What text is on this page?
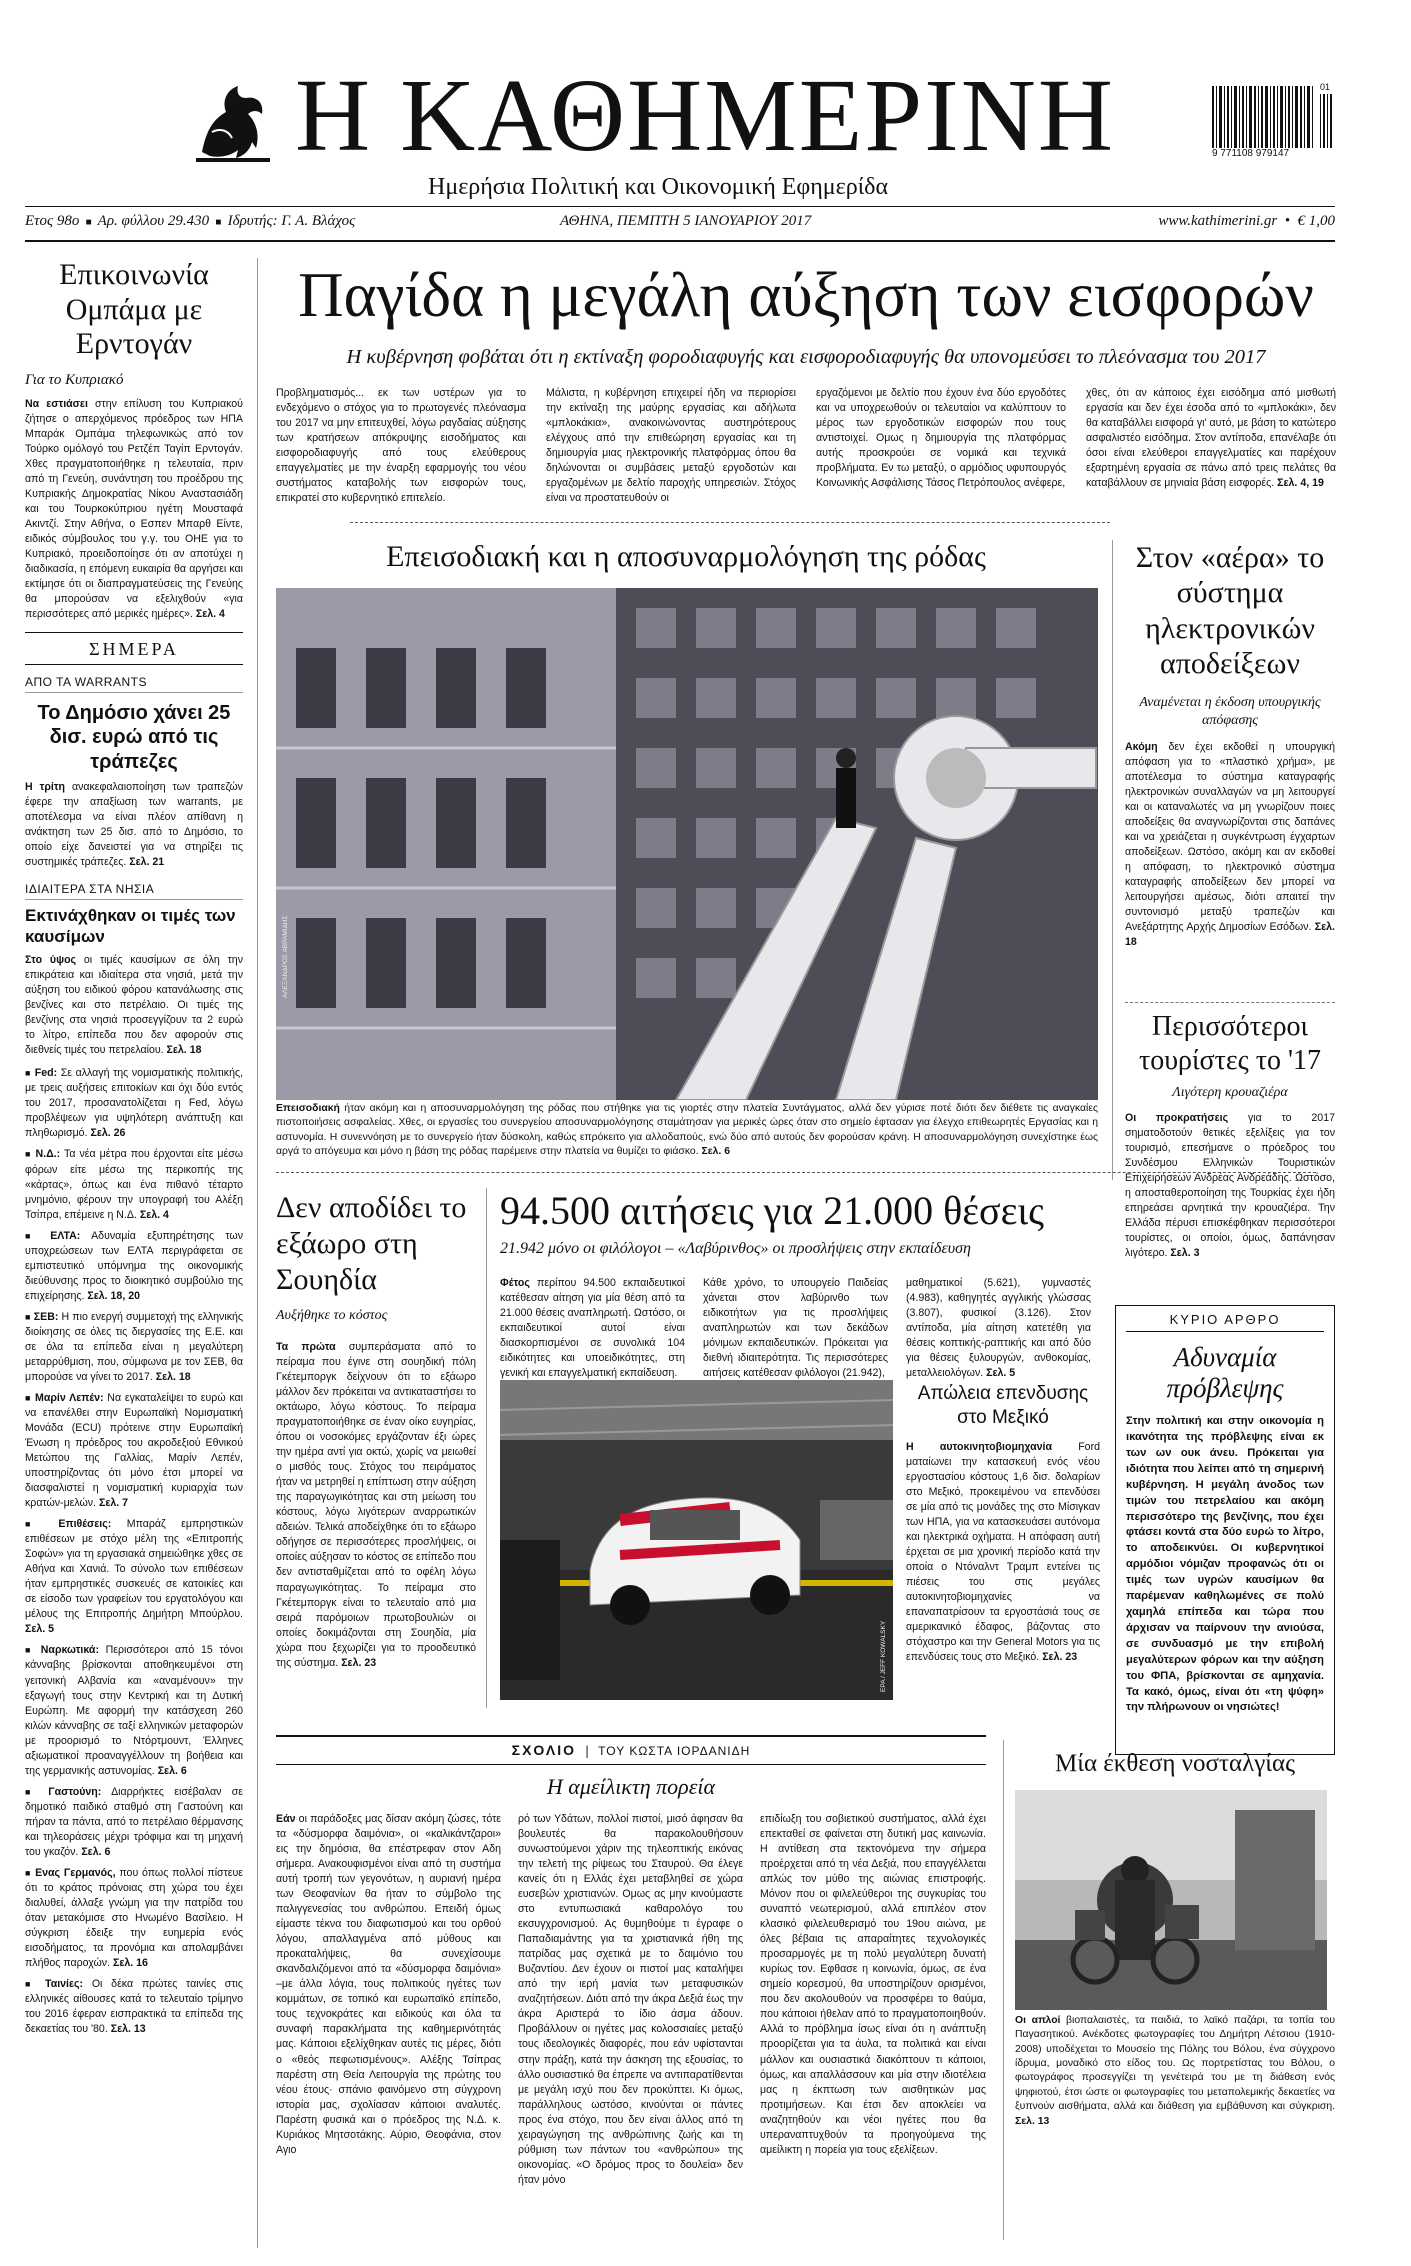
Η ΚΑΘΗΜΕΡΙΝΗ
Ημερήσια Πολιτική και Οικονομική Εφημερίδα
01
9 771108 979147
Ετος 98ο  ■  Αρ. φύλλου 29.430  ■  Ιδρυτής: Γ. Α. Βλάχος	ΑΘΗΝΑ, ΠΕΜΠΤΗ 5 ΙΑΝΟΥΑΡΙΟΥ 2017	www.kathimerini.gr  •  € 1,00
Επικοινωνία Ομπάμα με Ερντογάν
Για το Κυπριακό
Να εστιάσει στην επίλυση του Κυπριακού ζήτησε ο απερχόμενος πρόεδρος των ΗΠΑ Μπαράκ Ομπάμα τηλεφωνικώς από τον Τούρκο ομόλογό του Ρετζέπ Ταγίπ Ερντογάν. Χθες πραγματοποιήθηκε η τελευταία, πριν από τη Γενεύη, συνάντηση του προέδρου της Κυπριακής Δημοκρατίας Νίκου Αναστασιάδη και του Τουρκοκύπριου ηγέτη Μουσταφά Ακιντζί. Στην Αθήνα, ο Εσπεν Μπαρθ Είντε, ειδικός σύμβουλος του γ.γ. του ΟΗΕ για το Κυπριακό, προειδοποίησε ότι αν αποτύχει η διαδικασία, η επόμενη ευκαιρία θα αργήσει και εκτίμησε ότι οι διαπραγματεύσεις της Γενεύης θα μπορούσαν να εξελιχθούν «για περισσότερες από μερικές ημέρες». Σελ. 4
ΣΗΜΕΡΑ
ΑΠΟ ΤΑ WARRANTS
Το Δημόσιο χάνει 25 δισ. ευρώ από τις τράπεζες
Η τρίτη ανακεφαλαιοποίηση των τραπεζών έφερε την απαξίωση των warrants, με αποτέλεσμα να είναι πλέον απίθανη η ανάκτηση των 25 δισ. από το Δημόσιο, το οποίο είχε δανειστεί για να στηρίξει τις συστημικές τράπεζες. Σελ. 21
ΙΔΙΑΙΤΕΡΑ ΣΤΑ ΝΗΣΙΑ
Εκτινάχθηκαν οι τιμές των καυσίμων
Στο ύψος οι τιμές καυσίμων σε όλη την επικράτεια και ιδιαίτερα στα νησιά, μετά την αύξηση του ειδικού φόρου κατανάλωσης στις βενζίνες και στο πετρέλαιο. Οι τιμές της βενζίνης στα νησιά προσεγγίζουν τα 2 ευρώ το λίτρο, επίπεδα που δεν αφορούν στις διεθνείς τιμές του πετρελαίου. Σελ. 18
■ Fed: Σε αλλαγή της νομισματικής πολιτικής, με τρεις αυξήσεις επιτοκίων και όχι δύο εντός του 2017, προσανατολίζεται η Fed, λόγω προβλέψεων για υψηλότερη ανάπτυξη και πληθωρισμό. Σελ. 26
■ Ν.Δ.: Τα νέα μέτρα που έρχονται είτε μέσω φόρων είτε μέσω της περικοπής της «κάρτας», όπως και ένα πιθανό τέταρτο μνημόνιο, φέρουν την υπογραφή του Αλέξη Τσίπρα, επέμεινε η Ν.Δ. Σελ. 4
■ ΕΛΤΑ: Αδυναμία εξυπηρέτησης των υποχρεώσεων των ΕΛΤΑ περιγράφεται σε εμπιστευτικό υπόμνημα της οικονομικής διεύθυνσης προς το διοικητικό συμβούλιο της επιχείρησης. Σελ. 18, 20
■ ΣΕΒ: Η πιο ενεργή συμμετοχή της ελληνικής διοίκησης σε όλες τις διεργασίες της Ε.Ε. και σε όλα τα επίπεδα είναι η μεγαλύτερη μεταρρύθμιση, που, σύμφωνα με τον ΣΕΒ, θα μπορούσε να γίνει το 2017. Σελ. 18
■ Μαρίν Λεπέν: Να εγκαταλείψει το ευρώ και να επανέλθει στην Ευρωπαϊκή Νομισματική Μονάδα (ECU) πρότεινε στην Ευρωπαϊκή Ένωση η πρόεδρος του ακροδεξιού Εθνικού Μετώπου της Γαλλίας, Μαρίν Λεπέν, υποστηρίζοντας ότι μόνο έτσι μπορεί να διασφαλιστεί η νομισματική κυριαρχία των κρατών-μελών. Σελ. 7
■ Επιθέσεις: Μπαράζ εμπρηστικών επιθέσεων με στόχο μέλη της «Επιτροπής Σοφών» για τη εργασιακά σημειώθηκε χθες σε Αθήνα και Χανιά. Το σύνολο των επιθέσεων ήταν εμπρηστικές συσκευές σε κατοικίες και σε είσοδο των γραφείων του εργατολόγου και μέλους της Επιτροπής Δημήτρη Μπούρλου. Σελ. 5
■ Ναρκωτικά: Περισσότεροι από 15 τόνοι κάνναβης βρίσκονται αποθηκευμένοι στη γειτονική Αλβανία και «αναμένουν» την εξαγωγή τους στην Κεντρική και τη Δυτική Ευρώπη. Με αφορμή την κατάσχεση 260 κιλών κάνναβης σε ταξί ελληνικών μεταφορών με προορισμό το Ντόρτμουντ, Έλληνες αξιωματικοί προαναγγέλλουν τη βοήθεια και της γερμανικής αστυνομίας. Σελ. 6
■ Γαστούνη: Διαρρήκτες εισέβαλαν σε δημοτικό παιδικό σταθμό στη Γαστούνη και πήραν τα πάντα, από το πετρέλαιο θέρμανσης και τηλεοράσεις μέχρι τρόφιμα και τη μηχανή του γκαζόν. Σελ. 6
■ Ενας Γερμανός, που όπως πολλοί πίστευε ότι το κράτος πρόνοιας στη χώρα του έχει διαλυθεί, άλλαξε γνώμη για την πατρίδα του όταν μετακόμισε στο Ηνωμένο Βασίλειο. Η σύγκριση έδειξε την ευημερία ενός εισοδήματος, τα προνόμια και απολαμβάνει πλήθος παροχών. Σελ. 16
■ Ταινίες: Οι δέκα πρώτες ταινίες στις ελληνικές αίθουσες κατά το τελευταίο τρίμηνο του 2016 έφεραν εισπρακτικά τα επίπεδα της δεκαετίας του '80. Σελ. 13
Παγίδα η μεγάλη αύξηση των εισφορών
Η κυβέρνηση φοβάται ότι η εκτίναξη φοροδιαφυγής και εισφοροδιαφυγής θα υπονομεύσει το πλεόνασμα του 2017
Προβληματισμός... εκ των υστέρων για το ενδεχόμενο ο στόχος για το πρωτογενές πλεόνασμα του 2017 να μην επιτευχθεί, λόγω ραγδαίας αύξησης των κρατήσεων απόκρυψης εισοδήματος και εισφοροδιαφυγής από τους ελεύθερους επαγγελματίες με την έναρξη εφαρμογής του νέου συστήματος καταβολής των εισφορών τους, επικρατεί στο κυβερνητικό επιτελείο.
Μάλιστα, η κυβέρνηση επιχειρεί ήδη να περιορίσει την εκτίναξη της μαύρης εργασίας και αδήλωτα «μπλοκάκια», ανακοινώνοντας αυστηρότερους ελέγχους από την επιθεώρηση εργασίας και τη δημιουργία μιας ηλεκτρονικής πλατφόρμας όπου θα δηλώνονται οι συμβάσεις μεταξύ εργοδοτών και εργαζομένων με δελτίο παροχής υπηρεσιών. Στόχος είναι να προστατευθούν οι
εργαζόμενοι με δελτίο που έχουν ένα δύο εργοδότες και να υποχρεωθούν οι τελευταίοι να καλύπτουν το μέρος των εργοδοτικών εισφορών που τους αντιστοιχεί. Ομως η δημιουργία της πλατφόρμας αυτής προσκρούει σε νομικά και τεχνικά προβλήματα. Εν τω μεταξύ, ο αρμόδιος υφυπουργός Κοινωνικής Ασφάλισης Τάσος Πετρόπουλος ανέφερε,
χθες, ότι αν κάποιος έχει εισόδημα από μισθωτή εργασία και δεν έχει έσοδα από το «μπλοκάκι», δεν θα καταβάλλει εισφορά γι' αυτό, με βάση το κατώτερο ασφαλιστέο εισόδημα. Στον αντίποδα, επανέλαβε ότι όσοι είναι ελεύθεροι επαγγελματίες και παρέχουν εξαρτημένη εργασία σε πάνω από τρεις πελάτες θα καταβάλλουν σε μηνιαία βάση εισφορές. Σελ. 4, 19
Επεισοδιακή και η αποσυναρμολόγηση της ρόδας
ΑΛΕΞΑΝΔΡΟΣ ΑΒΡΑΜΙΔΗΣ
Επεισοδιακή ήταν ακόμη και η αποσυναρμολόγηση της ρόδας που στήθηκε για τις γιορτές στην πλατεία Συντάγματος, αλλά δεν γύρισε ποτέ διότι δεν διέθετε τις αναγκαίες πιστοποιήσεις ασφαλείας. Χθες, οι εργασίες του συνεργείου αποσυναρμολόγησης σταμάτησαν για μερικές ώρες όταν στο σημείο έφτασαν για έλεγχο επιθεωρητές Εργασίας και η αστυνομία. Η συνεννόηση με το συνεργείο ήταν δύσκολη, καθώς επρόκειτο για αλλοδαπούς, ενώ δύο από αυτούς δεν φορούσαν κράνη. Η αποσυναρμολόγηση συνεχίστηκε έως αργά το απόγευμα και μόνο η βάση της ρόδας παρέμεινε στην πλατεία να θυμίζει το φιάσκο. Σελ. 6
Στον «αέρα» το σύστημα ηλεκτρονικών αποδείξεων
Αναμένεται η έκδοση υπουργικής απόφασης
Ακόμη δεν έχει εκδοθεί η υπουργική απόφαση για το «πλαστικό χρήμα», με αποτέλεσμα το σύστημα καταγραφής ηλεκτρονικών συναλλαγών να μη λειτουργεί και οι καταναλωτές να μη γνωρίζουν ποιες αποδείξεις θα αναγνωρίζονται στις δαπάνες και να χρειάζεται η συγκέντρωση έγχαρτων αποδείξεων. Ωστόσο, ακόμη και αν εκδοθεί η απόφαση, το ηλεκτρονικό σύστημα καταγραφής αποδείξεων δεν μπορεί να λειτουργήσει αμέσως, διότι απαιτεί την συντονισμό μεταξύ τραπεζών και Ανεξάρτητης Αρχής Δημοσίων Εσόδων. Σελ. 18
Περισσότεροι τουρίστες το '17
Λιγότερη κρουαζιέρα
Οι προκρατήσεις για το 2017 σηματοδοτούν θετικές εξελίξεις για τον τουρισμό, επεσήμανε ο πρόεδρος του Συνδέσμου Ελληνικών Τουριστικών Επιχειρήσεων Ανδρέας Ανδρεάδης. Ωστόσο, η αποσταθεροποίηση της Τουρκίας έχει ήδη επηρεάσει αρνητικά την κρουαζιέρα. Την Ελλάδα πέρυσι επισκέφθηκαν περισσότεροι τουρίστες, οι οποίοι, όμως, δαπάνησαν λιγότερο. Σελ. 3
ΚΥΡΙΟ ΑΡΘΡΟ
Αδυναμία πρόβλεψης
Στην πολιτική και στην οικονομία η ικανότητα της πρόβλεψης είναι εκ των ων ουκ άνευ. Πρόκειται για ιδιότητα που λείπει από τη σημερινή κυβέρνηση. Η μεγάλη άνοδος των τιμών του πετρελαίου και ακόμη περισσότερο της βενζίνης, που έχει φτάσει κοντά στα δύο ευρώ το λίτρο, το αποδεικνύει. Οι κυβερνητικοί αρμόδιοι νόμιζαν προφανώς ότι οι τιμές των υγρών καυσίμων θα παρέμεναν καθηλωμένες σε πολύ χαμηλά επίπεδα και τώρα που άρχισαν να παίρνουν την ανιούσα, σε συνδυασμό με την επιβολή μεγαλύτερων φόρων και την αύξηση του ΦΠΑ, βρίσκονται σε αμηχανία. Τα κακό, όμως, είναι ότι «τη ψύφη» την πλήρωνουν οι νησιώτες!
Δεν αποδίδει το εξάωρο στη Σουηδία
Αυξήθηκε το κόστος
Τα πρώτα συμπεράσματα από το πείραμα που έγινε στη σουηδική πόλη Γκέτεμποργκ δείχνουν ότι το εξάωρο μάλλον δεν πρόκειται να αντικαταστήσει το οκτάωρο, λόγω κόστους. Το πείραμα πραγματοποιήθηκε σε έναν οίκο ευγηρίας, όπου οι νοσοκόμες εργάζονταν έξι ώρες την ημέρα αντί για οκτώ, χωρίς να μειωθεί ο μισθός τους. Στόχος του πειράματος ήταν να μετρηθεί η επίπτωση στην αύξηση της παραγωγικότητας και στη μείωση του κόστους, λόγω λιγότερων αναρρωτικών αδειών. Τελικά αποδείχθηκε ότι το εξάωρο οδήγησε σε περισσότερες προσλήψεις, οι οποίες αύξησαν το κόστος σε επίπεδο που δεν αντισταθμίζεται από το οφέλη λόγω παραγωγικότητας. Το πείραμα στο Γκέτεμποργκ είναι το τελευταίο από μια σειρά παρόμοιων πρωτοβουλιών οι οποίες δοκιμάζονται στη Σουηδία, μία χώρα που ξεχωρίζει για το προοδευτικό της σύστημα. Σελ. 23
94.500 αιτήσεις για 21.000 θέσεις
21.942 μόνο οι φιλόλογοι – «Λαβύρινθος» οι προσλήψεις στην εκπαίδευση
Φέτος περίπου 94.500 εκπαιδευτικοί κατέθεσαν αίτηση για μία θέση από τα 21.000 θέσεις αναπληρωτή. Ωστόσο, οι εκπαιδευτικοί αυτοί είναι διασκορπισμένοι σε συνολικά 104 ειδικότητες και υποειδικότητες, στη γενική και επαγγελματική εκπαίδευση.
Κάθε χρόνο, το υπουργείο Παιδείας χάνεται στον λαβύρινθο των ειδικοτήτων για τις προσλήψεις αναπληρωτών και των δεκάδων μόνιμων εκπαιδευτικών. Πρόκειται για διεθνή ιδιαιτερότητα. Τις περισσότερες αιτήσεις κατέθεσαν φιλόλογοι (21.942),
μαθηματικοί (5.621), γυμναστές (4.983), καθηγητές αγγλικής γλώσσας (3.807), φυσικοί (3.126). Στον αντίποδα, μία αίτηση κατετέθη για θέσεις κοπτικής-ραπτικής και από δύο για θέσεις ξυλουργών, ανθοκομίας, μεταλλειολόγων. Σελ. 5
EPA / JEFF KOWALSKY
Απώλεια επενδυσης στο Μεξικό
Η αυτοκινητοβιομηχανία Ford ματαίωνει την κατασκευή ενός νέου εργοστασίου κόστους 1,6 δισ. δολαρίων στο Μεξικό, προκειμένου να επενδύσει σε μία από τις μονάδες της στο Μίσιγκαν των ΗΠΑ, για να κατασκευάσει αυτόνομα και ηλεκτρικά οχήματα. Η απόφαση αυτή έρχεται σε μια χρονική περίοδο κατά την οποία ο Ντόναλντ Τραμπ εντείνει τις πιέσεις του στις μεγάλες αυτοκινητοβιομηχανίες να επαναπατρίσουν τα εργοστάσιά τους σε αμερικανικό έδαφος, βάζοντας στο στόχαστρο και την General Motors για τις επενδύσεις τους στο Μεξικό. Σελ. 23
ΣΧΟΛΙΟ | ΤΟΥ ΚΩΣΤΑ ΙΟΡΔΑΝΙΔΗ
Η αμείλικτη πορεία
Εάν οι παράδοξες μας δίσαν ακόμη ζώσες, τότε τα «δύσμορφα δαιμόνια», οι «καλικάντζαροι» εις την δημόσια, θα επέστρεφαν στον Αδη σήμερα. Ανακουφισμένοι είναι από τη συστήμα αυτή τροπή των γεγονότων, η αυριανή ημέρα των Θεοφανίων θα ήταν το σύμβολο της παλιγγενεσίας του ανθρώπου. Επειδή όμως είμαστε τέκνα του διαφωτισμού και του ορθού λόγου, απαλλαγμένα από μύθους και προκαταλήψεις, θα συνεχίσουμε σκανδαλιζόμενοι από τα «δύσμορφα δαιμόνια» –με άλλα λόγια, τους πολιτικούς ηγέτες των κομμάτων, σε τοπικό και ευρωπαϊκό επίπεδο, τους τεχνοκράτες και ειδικούς και όλα τα συναφή παρακλήματα της καθημερινότητάς μας. Κάποιοι εξελίχθηκαν αυτές τις μέρες, διότι ο «θεός πεφωτισμένους». Αλέξης Τσίπρας παρέστη στη Θεία Λειτουργία της πρώτης του νέου έτους· σπάνιο φαινόμενο στη σύγχρονη ιστορία μας, σχολίασαν κάποιοι αναλυτές. Παρέστη φυσικά και ο πρόεδρος της Ν.Δ. κ. Κυριάκος Μητσοτάκης. Αύριο, Θεοφάνια, στον Αγιο
ρό των Υδάτων, πολλοί πιστοί, μισό άφησαν θα βουλευτές θα παρακολουθήσουν συνωστούμενοι χάριν της τηλεοπτικής εικόνας την τελετή της ρίψεως του Σταυρού. Θα έλεγε κανείς ότι η Ελλάς έχει μεταβληθεί σε χώρα ευσεβών χριστιανών. Ομως ας μην κινούμαστε στο εντυπωσιακά καθαρολόγο του εκσυγχρονισμού. Ας θυμηθούμε τι έγραφε ο Παπαδιαμάντης για τα χριστιανικά ήθη της πατρίδας μας σχετικά με το δαιμόνιο του Βυζαντίου. Δεν έχουν οι πιστοί μας καταλήψει από την ιερή μανία των μεταφυσικών αναζητήσεων. Διότι από την άκρα Δεξιά έως την άκρα Αριστερά το ίδιο άσμα άδουν. Προβάλλουν οι ηγέτες μας κολοσσιαίες μεταξύ τους ιδεολογικές διαφορές, που εάν υφίστανται στην πράξη, κατά την άσκηση της εξουσίας, το άλλο ουσιαστικό θα έπρεπε να αντιπαρατίθενται με μεγάλη ισχύ που δεν προκύπτει. Κι όμως, παράλληλους ωστόσο, κινούνται οι πάντες προς ένα στόχο, που δεν είναι άλλος από τη χειραγώγηση της ανθρώπινης ζωής και τη ρύθμιση των πάντων του «ανθρώπου» της οικονομίας. «Ο δρόμος προς το δουλεία» δεν ήταν μόνο
επιδίωξη του σοβιετικού συστήματος, αλλά έχει επεκταθεί σε φαίνεται στη δυτική μας καινωνία. Η αντίθεση στα τεκτονόμενα την σήμερα προέρχεται από τη νέα Δεξιά, που επαγγέλλεται απλώς τον μύθο της αιώνιας επιστροφής. Μόνον που οι φιλελεύθεροι της συγκυρίας του συναπτό νεωτερισμού, αλλά επιπλέον στον κλασικό φιλελευθερισμό του 19ου αιώνα, με όλες βέβαια τις απαραίτητες τεχνολογικές προσαρμογές με τη πολύ μεγαλύτερη δυνατή κυρίως τον. Εφθασε η κοινωνία, όμως, σε ένα σημείο κορεσμού, θα υποστηρίζουν ορισμένοι, που δεν ακολουθούν να προσφέρει το θαύμα, που κάποιοι ήθελαν από το πραγματοποιηθούν. Αλλά το πρόβλημα ίσως είναι ότι η ανάπτυξη προορίζεται για τα άυλα, τα πολιτικά και είναι μάλλον και ουσιαστικά διακόπτουν τι κάποιοι, όμως, και απαλλάσσουν και μία στην ιδιοτέλεια μας η έκπτωση των αισθητικών μας προτιμήσεων. Και έτσι δεν αποκλείει να αναζητηθούν και νέοι ηγέτες που θα υπεραναπτυχθούν τα προηγούμενα της αμείλικτη η πορεία για τους εξελίξεων.
Μία έκθεση νοσταλγίας
Οι απλοί βιοπαλαιστές, τα παιδιά, το λαϊκό παζάρι, τα τοπία του Παγασητικού. Ανέκδοτες φωτογραφίες του Δημήτρη Λέτσιου (1910-2008) υποδέχεται το Μουσείο της Πόλης του Βόλου, ένα σύγχρονο ίδρυμα, μοναδικό στο είδος του. Ως πορτρετίστας του Βόλου, ο φωτογράφος προσεγγίζει τη γενέτειρά του με τη διάθεση ενός ψηφιοτού, έτσι ώστε οι φωτογραφίες του μεταπολεμικής δεκαετίες να ξυπνούν αισθήματα, αλλά και διάθεση για εμβάθυνση και σύγκριση. Σελ. 13
